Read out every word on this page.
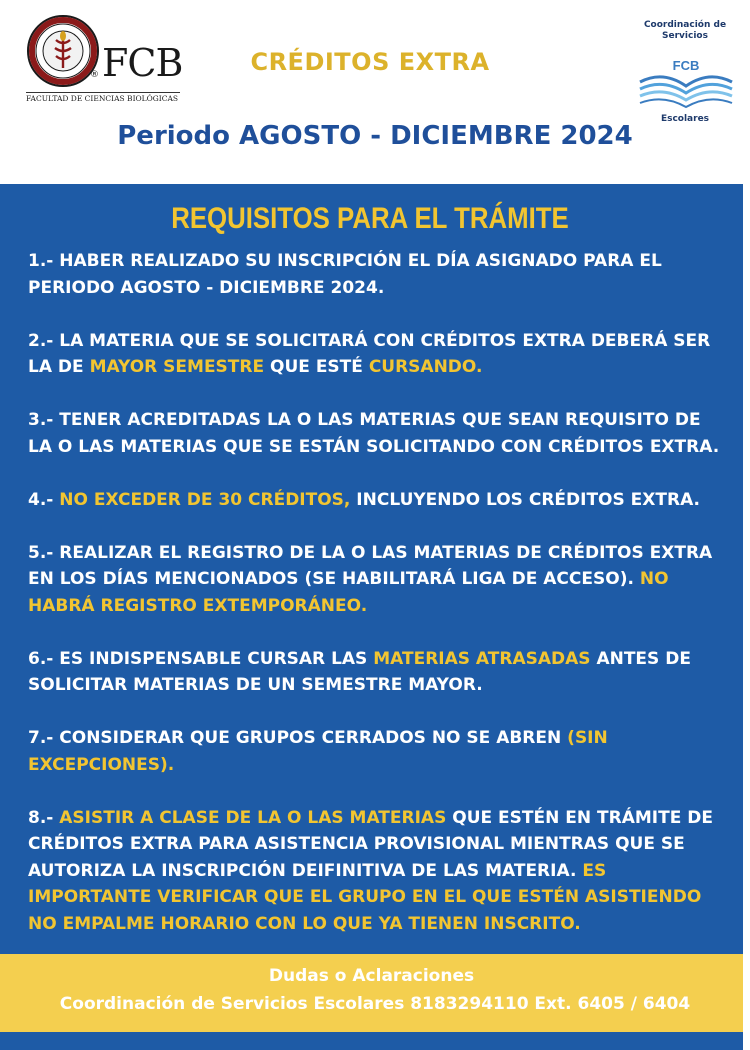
FCB
®
FACULTAD DE CIENCIAS BIOLÓGICAS
CRÉDITOS EXTRA
Periodo AGOSTO - DICIEMBRE 2024
Coordinación de
Servicios
FCB
Escolares
REQUISITOS PARA EL TRÁMITE
1.- HABER REALIZADO SU INSCRIPCIÓN EL DÍA ASIGNADO PARA EL PERIODO AGOSTO - DICIEMBRE 2024.
2.- LA MATERIA QUE SE SOLICITARÁ CON CRÉDITOS EXTRA DEBERÁ SER LA DE MAYOR SEMESTRE QUE ESTÉ CURSANDO.
3.- TENER ACREDITADAS LA O LAS MATERIAS QUE SEAN REQUISITO DE LA O LAS MATERIAS QUE SE ESTÁN SOLICITANDO CON CRÉDITOS EXTRA.
4.- NO EXCEDER DE 30 CRÉDITOS, INCLUYENDO LOS CRÉDITOS EXTRA.
5.- REALIZAR EL REGISTRO DE LA O LAS MATERIAS DE CRÉDITOS EXTRA EN LOS DÍAS MENCIONADOS (SE HABILITARÁ LIGA DE ACCESO). NO HABRÁ REGISTRO EXTEMPORÁNEO.
6.- ES INDISPENSABLE CURSAR LAS MATERIAS ATRASADAS ANTES DE SOLICITAR MATERIAS DE UN SEMESTRE MAYOR.
7.- CONSIDERAR QUE GRUPOS CERRADOS NO SE ABREN (SIN EXCEPCIONES).
8.- ASISTIR A CLASE DE LA O LAS MATERIAS QUE ESTÉN EN TRÁMITE DE CRÉDITOS EXTRA PARA ASISTENCIA PROVISIONAL MIENTRAS QUE SE AUTORIZA LA INSCRIPCIÓN DEIFINITIVA DE LAS MATERIA. ES IMPORTANTE VERIFICAR QUE EL GRUPO EN EL QUE ESTÉN ASISTIENDO NO EMPALME HORARIO CON LO QUE YA TIENEN INSCRITO.
Dudas o Aclaraciones
Coordinación de Servicios Escolares 8183294110 Ext. 6405 / 6404
